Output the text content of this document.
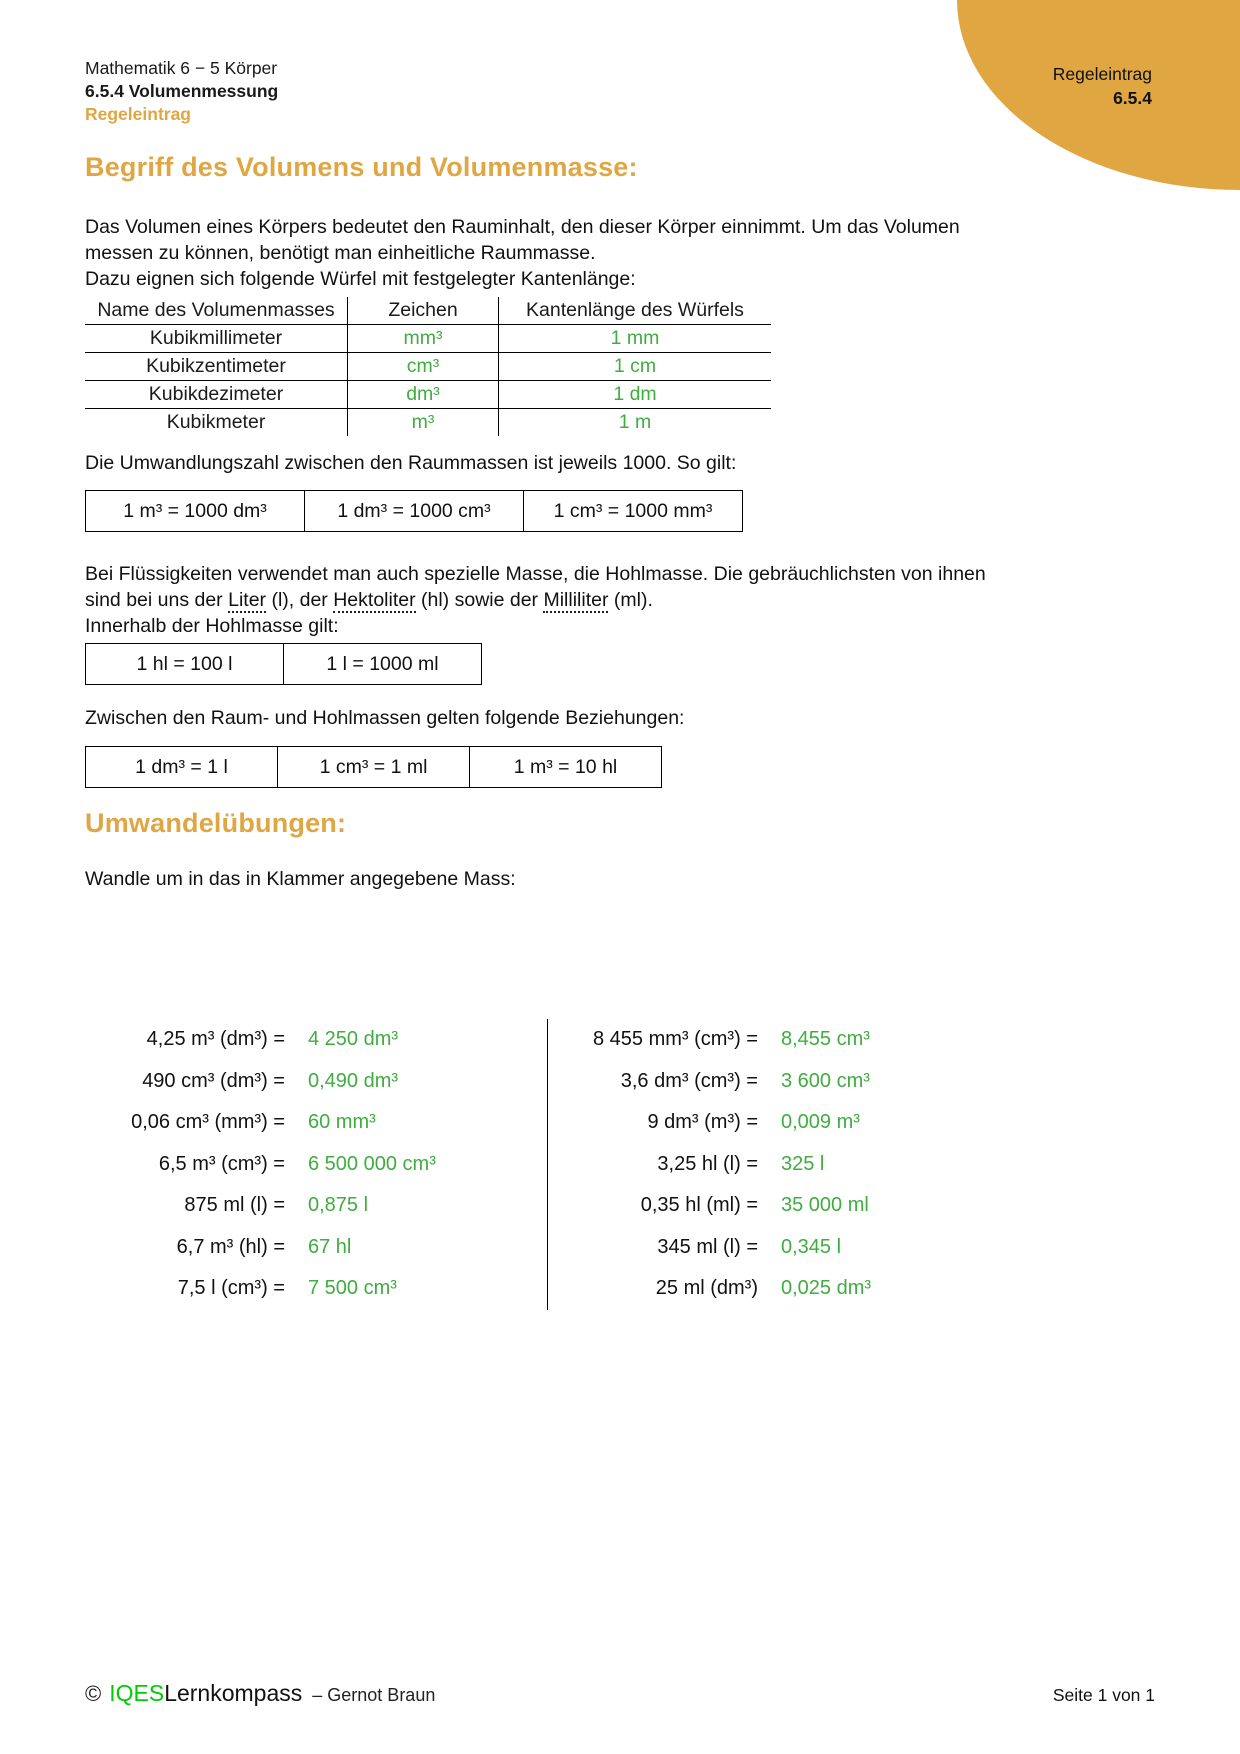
Regeleintrag
6.5.4
Mathematik 6 − 5 Körper
6.5.4 Volumenmessung
Regeleintrag
Begriff des Volumens und Volumenmasse:
Das Volumen eines Körpers bedeutet den Rauminhalt, den dieser Körper einnimmt. Um das Volumen
messen zu können, benötigt man einheitliche Raummasse.
Dazu eignen sich folgende Würfel mit festgelegter Kantenlänge:
Name des Volumenmasses	Zeichen	Kantenlänge des Würfels
Kubikmillimeter	mm³	1 mm
Kubikzentimeter	cm³	1 cm
Kubikdezimeter	dm³	1 dm
Kubikmeter	m³	1 m
Die Umwandlungszahl zwischen den Raummassen ist jeweils 1000. So gilt:
1 m³ = 1000 dm³	1 dm³ = 1000 cm³	1 cm³ = 1000 mm³
Bei Flüssigkeiten verwendet man auch spezielle Masse, die Hohlmasse. Die gebräuchlichsten von ihnen
sind bei uns der Liter (l), der Hektoliter (hl) sowie der Milliliter (ml).
Innerhalb der Hohlmasse gilt:
1 hl = 100 l	1 l = 1000 ml
Zwischen den Raum- und Hohlmassen gelten folgende Beziehungen:
1 dm³ = 1 l	1 cm³ = 1 ml	1 m³ = 10 hl
Umwandelübungen:
Wandle um in das in Klammer angegebene Mass:
4,25 m³ (dm³) = 4 250 dm³
490 cm³ (dm³) = 0,490 dm³
0,06 cm³ (mm³) = 60 mm³
6,5 m³ (cm³) = 6 500 000 cm³
875 ml (l) = 0,875 l
6,7 m³ (hl) = 67 hl
7,5 l (cm³) = 7 500 cm³
8 455 mm³ (cm³) = 8,455 cm³
3,6 dm³ (cm³) = 3 600 cm³
9 dm³ (m³) = 0,009 m³
3,25 hl (l) = 325 l
0,35 hl (ml) = 35 000 ml
345 ml (l) = 0,345 l
25 ml (dm³) 0,025 dm³
© IQES Lernkompass – Gernot Braun	Seite 1 von 1
